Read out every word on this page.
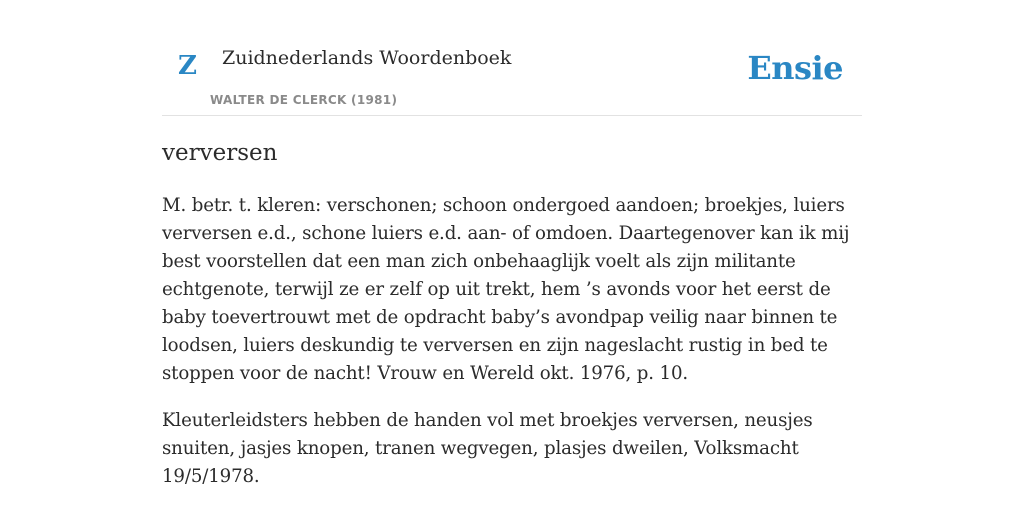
Z Zuidnederlands Woordenboek
WALTER DE CLERCK (1981)
Ensie
verversen

M. betr. t. kleren: verschonen; schoon ondergoed aandoen; broekjes, luiers verversen e.d., schone luiers e.d. aan- of omdoen. Daartegenover kan ik mij best voorstellen dat een man zich onbehaaglijk voelt als zijn militante echtgenote, terwijl ze er zelf op uit trekt, hem ’s avonds voor het eerst de baby toevertrouwt met de opdracht baby’s avondpap veilig naar binnen te loodsen, luiers deskundig te verversen en zijn nageslacht rustig in bed te stoppen voor de nacht! Vrouw en Wereld okt. 1976, p. 10.

Kleuterleidsters hebben de handen vol met broekjes verversen, neusjes snuiten, jasjes knopen, tranen wegvegen, plasjes dweilen, Volksmacht 19/5/1978.
